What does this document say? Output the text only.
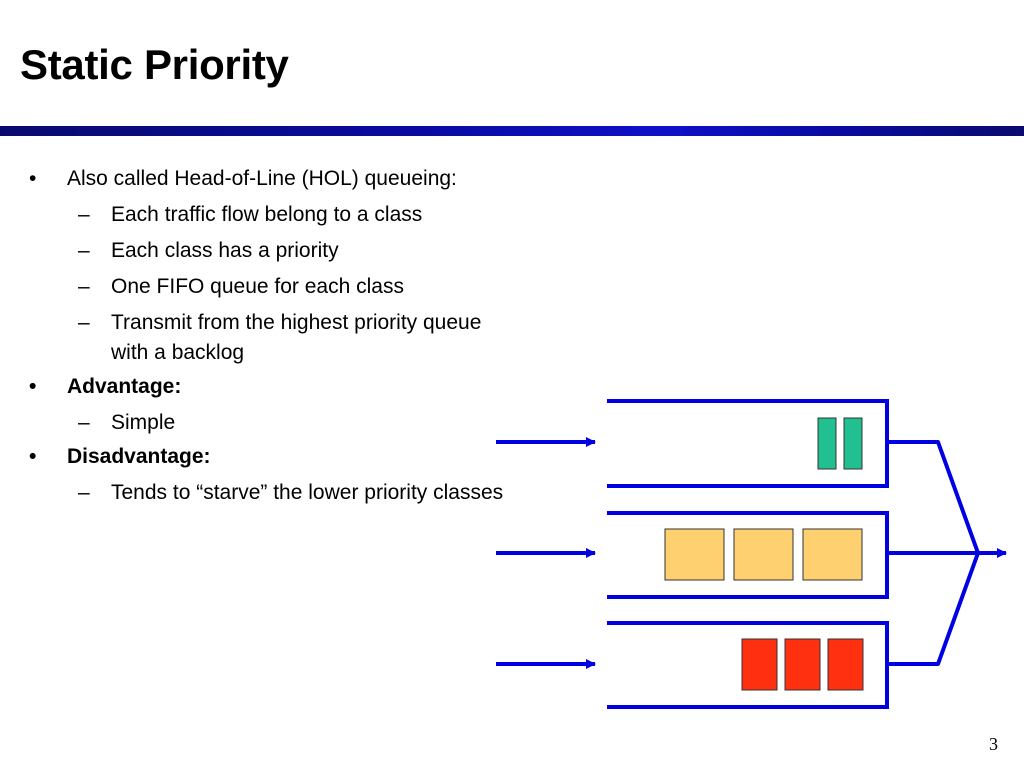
Static Priority
• Also called Head-of-Line (HOL) queueing:
– Each traffic flow belong to a class
– Each class has a priority
– One FIFO queue for each class
– Transmit from the highest priority queue with a backlog
• Advantage:
– Simple
• Disadvantage:
– Tends to “starve” the lower priority classes
3
